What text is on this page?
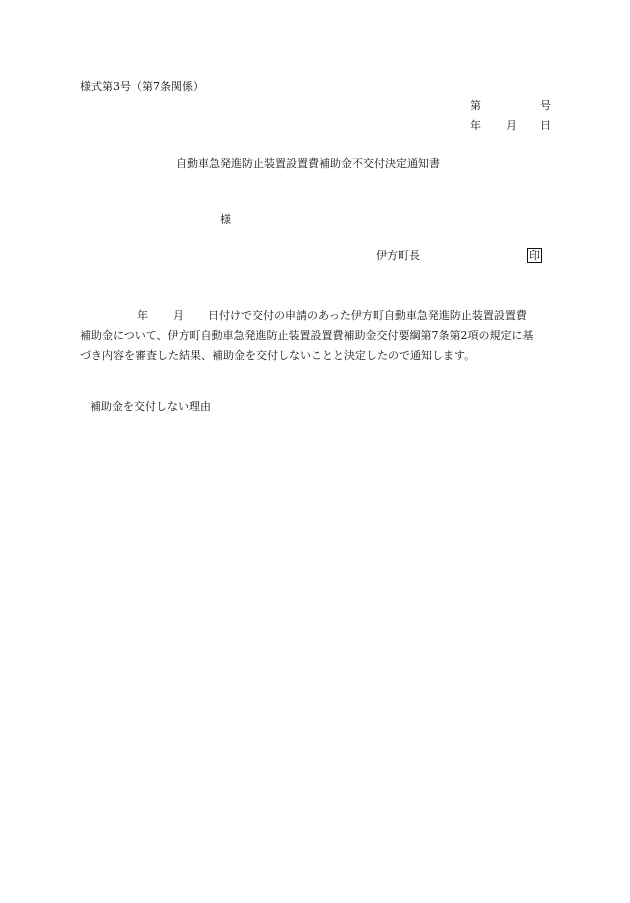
様式第3号（第7条関係）
第	号
年 月 日
自動車急発進防止装置設置費補助金不交付決定通知書
様
伊方町長	印
年 月 日付けで交付の申請のあった伊方町自動車急発進防止装置設置費
補助金について、伊方町自動車急発進防止装置設置費補助金交付要綱第7条第2項の規定に基
づき内容を審査した結果、補助金を交付しないことと決定したので通知します。
補助金を交付しない理由
